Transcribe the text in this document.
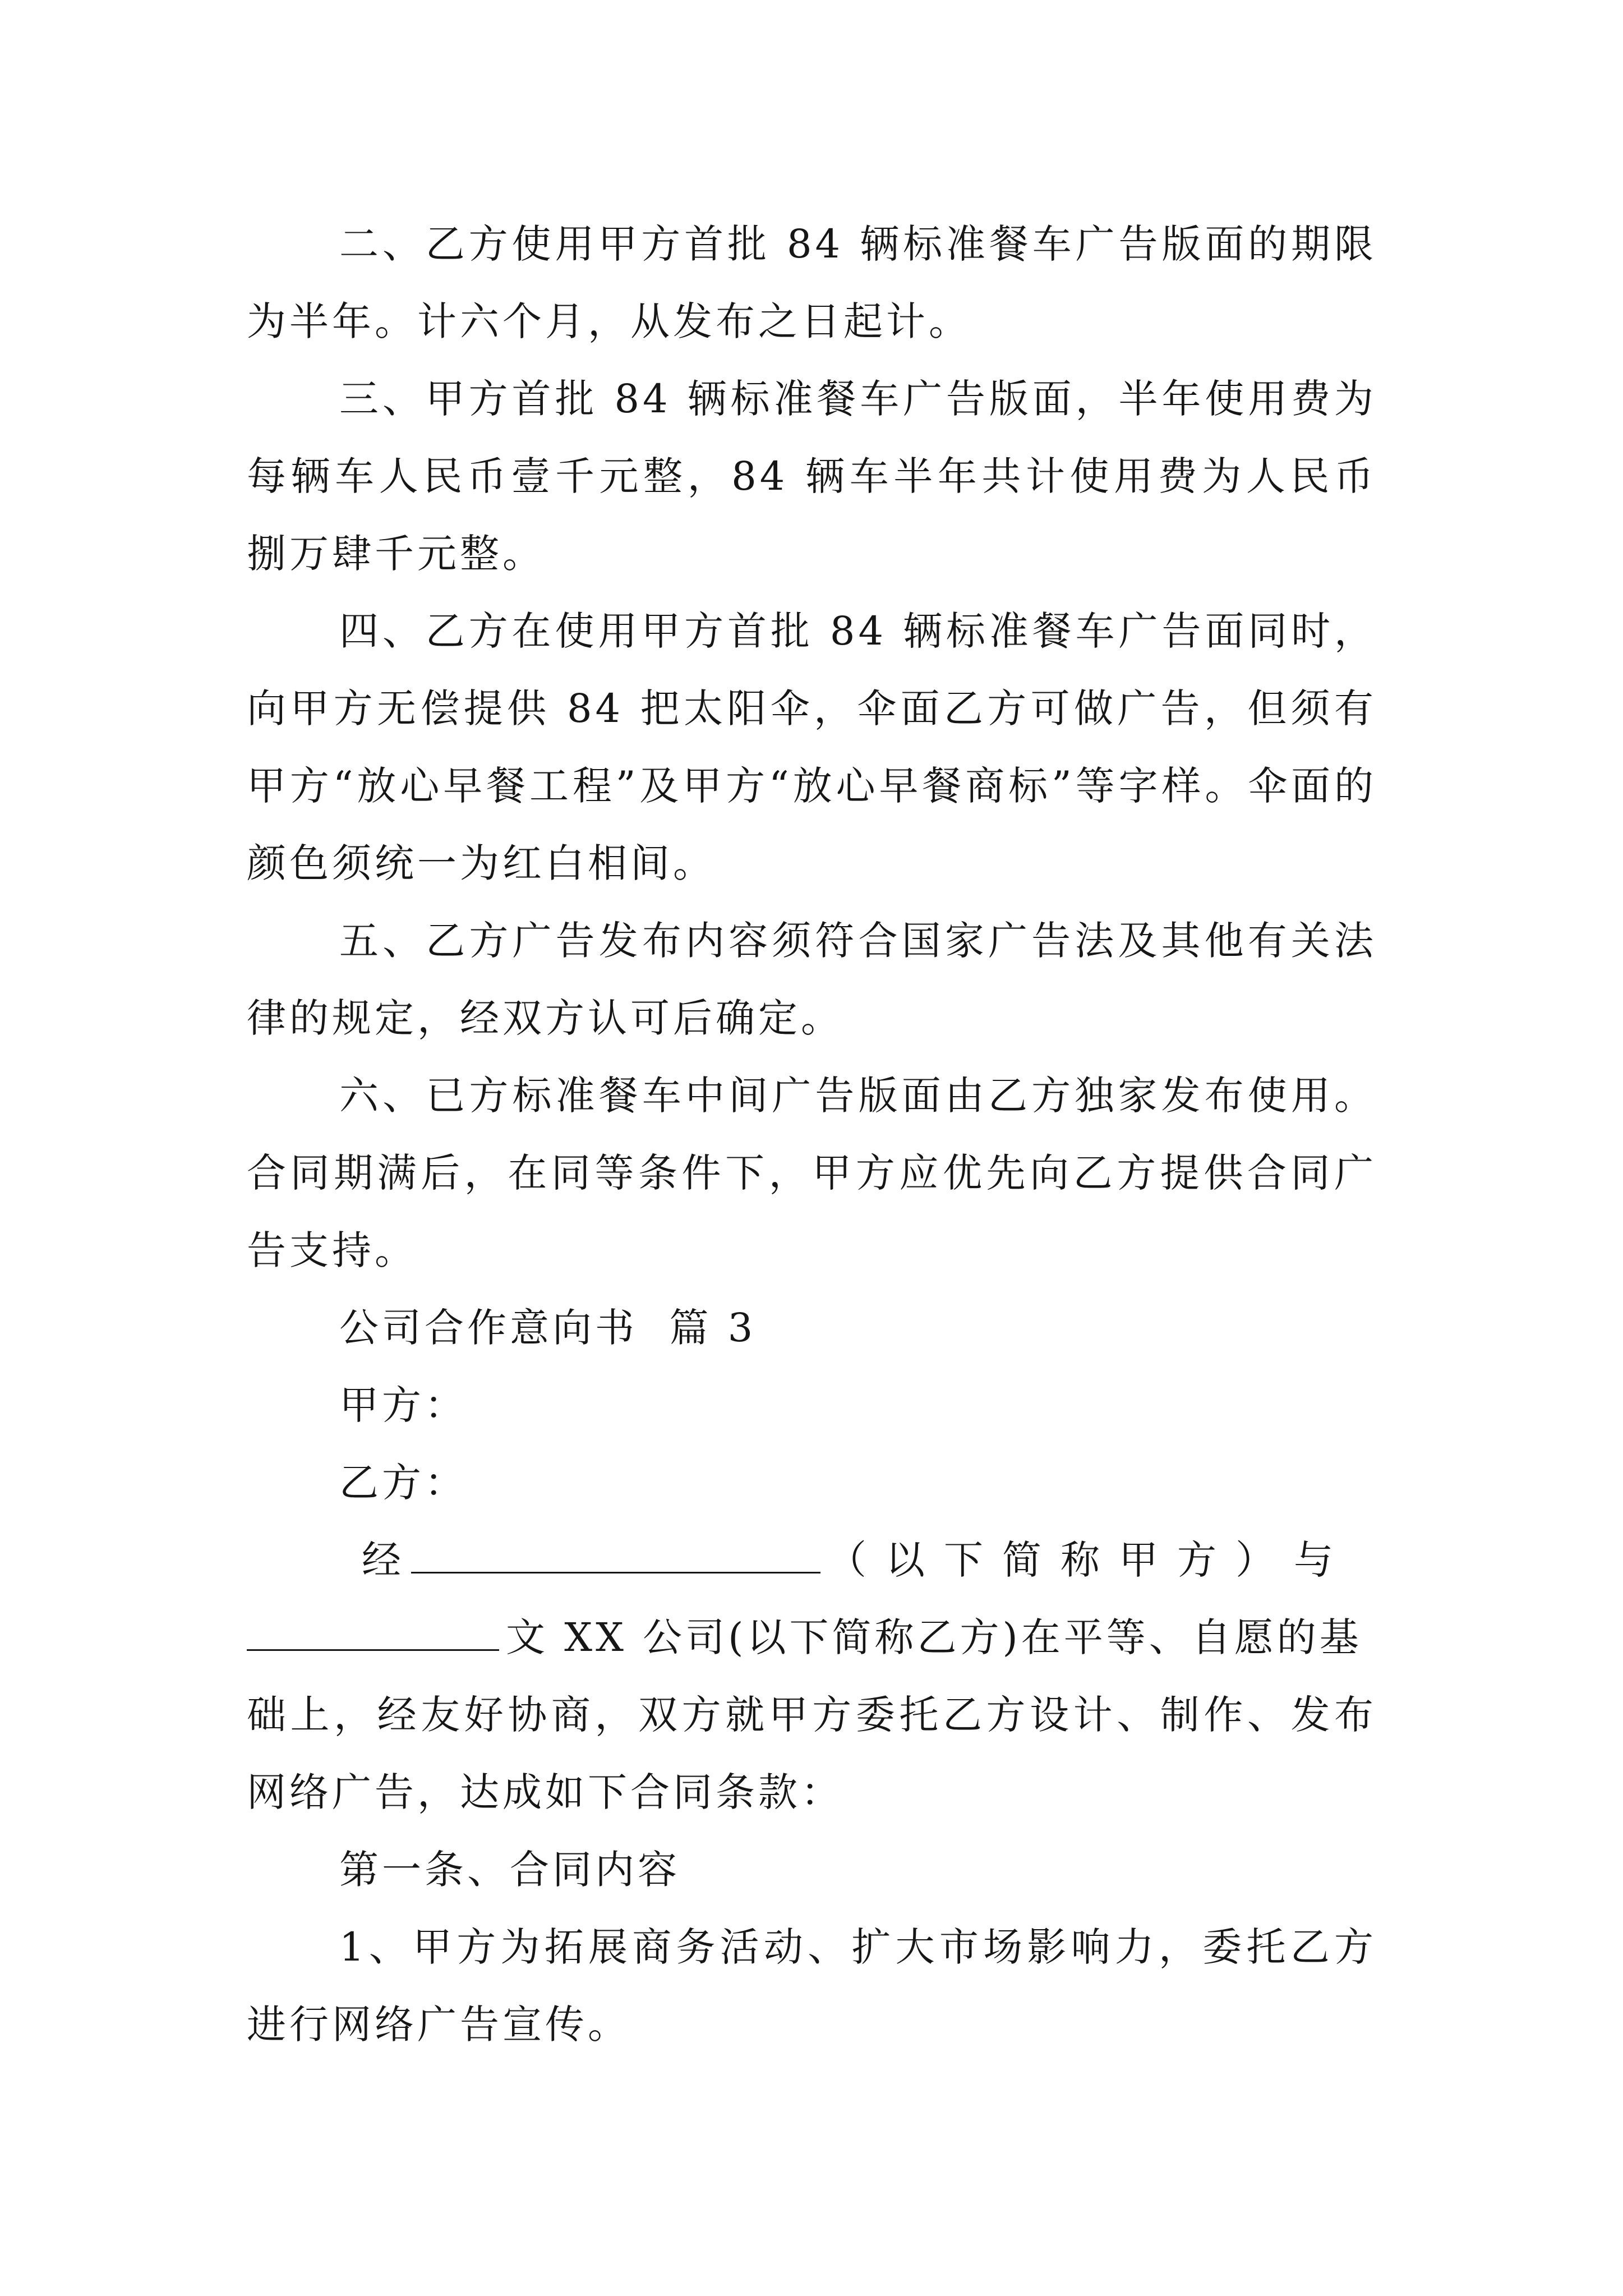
二、乙方使用甲方首批 84 辆标准餐车广告版面的期限为半年。计六个月，从发布之日起计。

三、甲方首批 84 辆标准餐车广告版面，半年使用费为每辆车人民币壹千元整，84 辆车半年共计使用费为人民币捌万肆千元整。

四、乙方在使用甲方首批 84 辆标准餐车广告面同时，向甲方无偿提供 84 把太阳伞，伞面乙方可做广告，但须有甲方“放心早餐工程”及甲方“放心早餐商标”等字样。伞面的颜色须统一为红白相间。

五、乙方广告发布内容须符合国家广告法及其他有关法律的规定，经双方认可后确定。

六、已方标准餐车中间广告版面由乙方独家发布使用。合同期满后，在同等条件下，甲方应优先向乙方提供合同广告支持。

公司合作意向书  篇 3

甲方：

乙方：

经	（以下简称甲方）与

文 XX 公司(以下简称乙方)在平等、自愿的基

础上，经友好协商，双方就甲方委托乙方设计、制作、发布网络广告，达成如下合同条款：

第一条、合同内容

1、甲方为拓展商务活动、扩大市场影响力，委托乙方进行网络广告宣传。
